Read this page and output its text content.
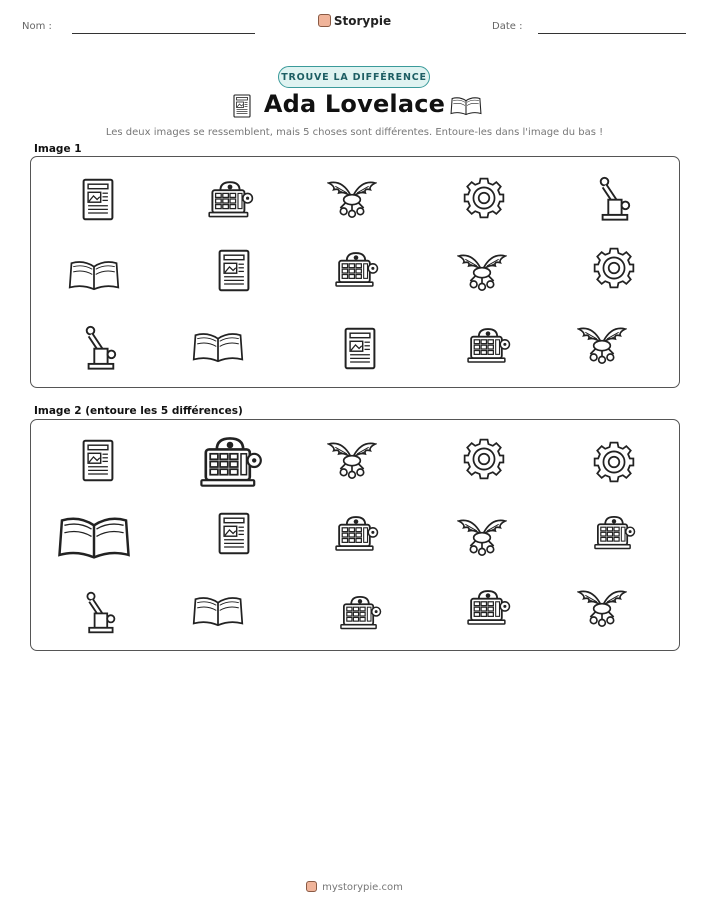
Nom :	Storypie	Date :
TROUVE LA DIFFÉRENCE
Ada Lovelace
Les deux images se ressemblent, mais 5 choses sont différentes. Entoure-les dans l'image du bas !
Image 1
Image 2 (entoure les 5 différences)
mystorypie.com
